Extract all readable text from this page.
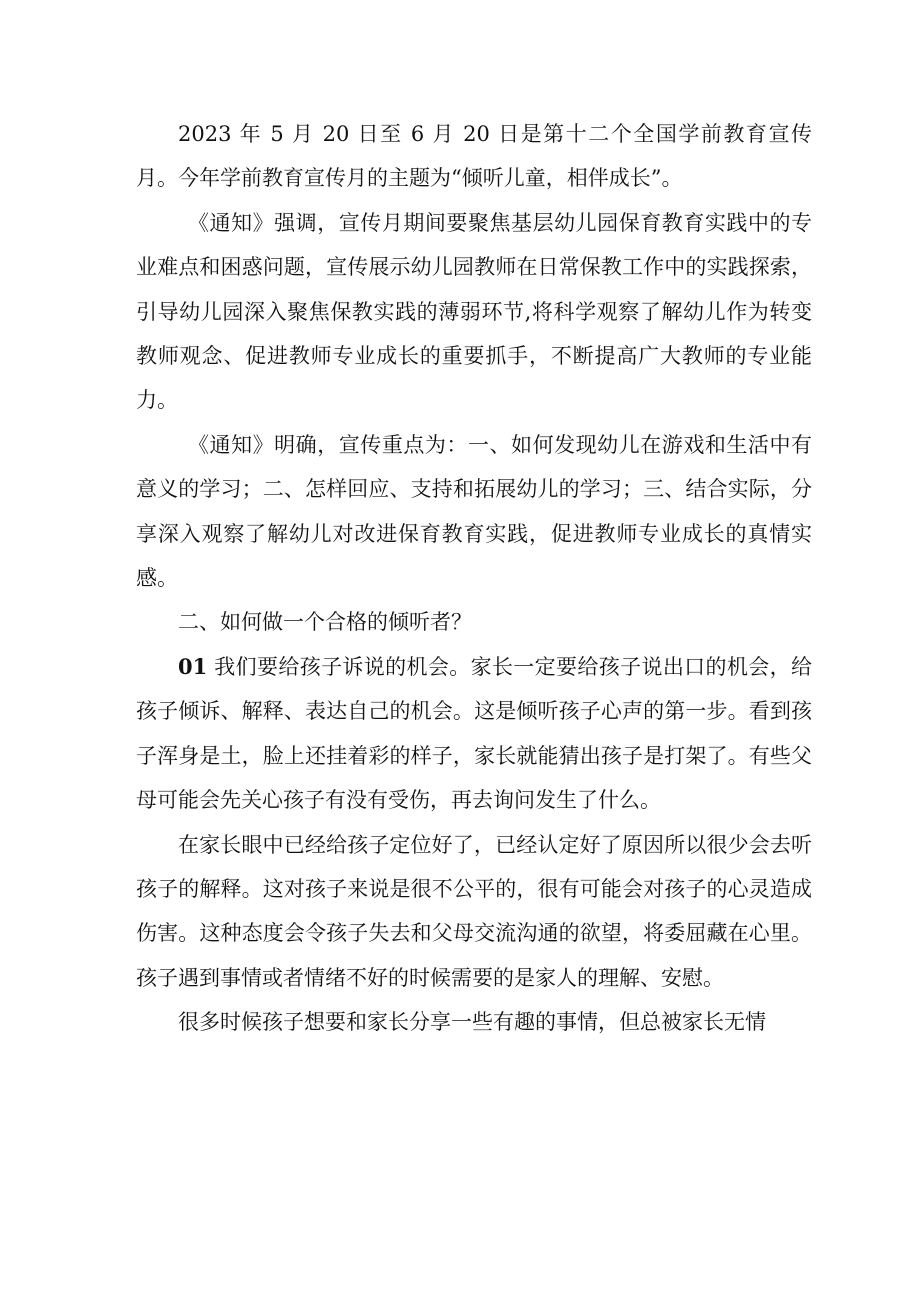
2023 年 5 月 20 日至 6 月 20 日是第十二个全国学前教育宣传月。今年学前教育宣传月的主题为“倾听儿童，相伴成长”。

《通知》强调，宣传月期间要聚焦基层幼儿园保育教育实践中的专业难点和困惑问题，宣传展示幼儿园教师在日常保教工作中的实践探索，引导幼儿园深入聚焦保教实践的薄弱环节,将科学观察了解幼儿作为转变教师观念、促进教师专业成长的重要抓手，不断提高广大教师的专业能力。

《通知》明确，宣传重点为：一、如何发现幼儿在游戏和生活中有意义的学习；二、怎样回应、支持和拓展幼儿的学习；三、结合实际，分享深入观察了解幼儿对改进保育教育实践，促进教师专业成长的真情实感。

二、如何做一个合格的倾听者？

01 我们要给孩子诉说的机会。家长一定要给孩子说出口的机会，给孩子倾诉、解释、表达自己的机会。这是倾听孩子心声的第一步。看到孩子浑身是土，脸上还挂着彩的样子，家长就能猜出孩子是打架了。有些父母可能会先关心孩子有没有受伤，再去询问发生了什么。

在家长眼中已经给孩子定位好了，已经认定好了原因所以很少会去听孩子的解释。这对孩子来说是很不公平的，很有可能会对孩子的心灵造成伤害。这种态度会令孩子失去和父母交流沟通的欲望，将委屈藏在心里。孩子遇到事情或者情绪不好的时候需要的是家人的理解、安慰。

很多时候孩子想要和家长分享一些有趣的事情，但总被家长无情
